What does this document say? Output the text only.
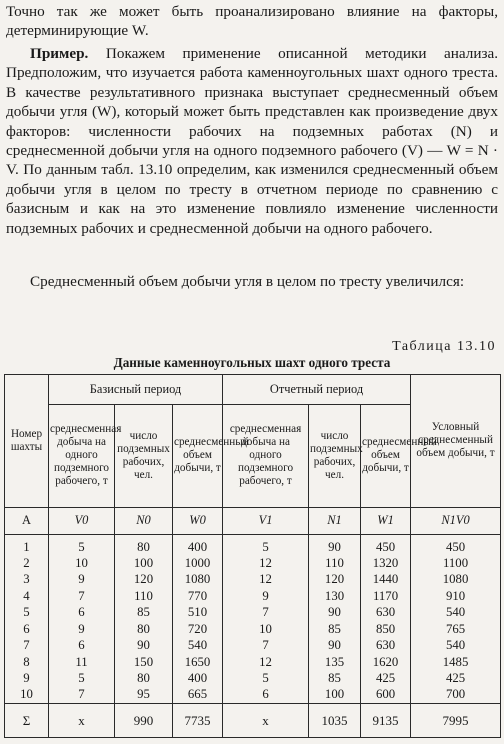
Точно так же может быть проанализировано влияние на факторы, детерминирующие W.

Пример. Покажем применение описанной методики анализа. Предположим, что изучается работа каменноугольных шахт одного треста. В качестве результативного признака выступает среднесменный объем добычи угля (W), который может быть представлен как произведение двух факторов: численности рабочих на подземных работах (N) и среднесменной добычи угля на одного подземного рабочего (V) — W = N · V. По данным табл. 13.10 определим, как изменился среднесменный объем добычи угля в целом по тресту в отчетном периоде по сравнению с базисным и как на это изменение повлияло изменение численности подземных рабочих и среднесменной добычи на одного рабочего.

Среднесменный объем добычи угля в целом по тресту увеличился:

Таблица 13.10
Данные каменноугольных шахт одного треста
Номер шахты	Базисный период			Отчетный период			Условный среднесменный объем добычи, т
	среднесменная добыча на одного подземного рабочего, т	число подземных рабочих, чел.	среднесменный объем добычи, т	среднесменная добыча на одного подземного рабочего, т	число подземных рабочих, чел.	среднесменный объем добычи, т	
А	V0	N0	W0	V1	N1	W1	N1V0
1	5	80	400	5	90	450	450
2	10	100	1000	12	110	1320	1100
3	9	120	1080	12	120	1440	1080
4	7	110	770	9	130	1170	910
5	6	85	510	7	90	630	540
6	9	80	720	10	85	850	765
7	6	90	540	7	90	630	540
8	11	150	1650	12	135	1620	1485
9	5	80	400	5	85	425	425
10	7	95	665	6	100	600	700
Σ	x	990	7735	x	1035	9135	7995
